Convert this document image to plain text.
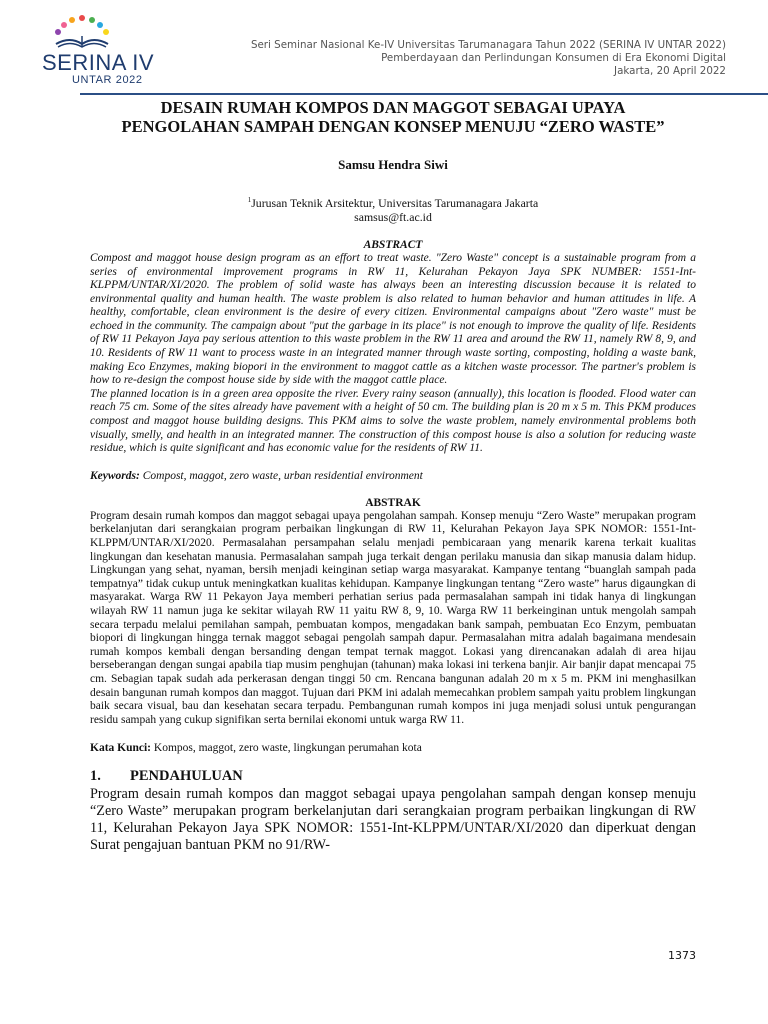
SERINA IV
UNTAR 2022
Seri Seminar Nasional Ke-IV Universitas Tarumanagara Tahun 2022 (SERINA IV UNTAR 2022)
Pemberdayaan dan Perlindungan Konsumen di Era Ekonomi Digital
Jakarta, 20 April 2022
DESAIN RUMAH KOMPOS DAN MAGGOT SEBAGAI UPAYA
PENGOLAHAN SAMPAH DENGAN KONSEP MENUJU “ZERO WASTE”
Samsu Hendra Siwi
$^1$Jurusan Teknik Arsitektur, Universitas Tarumanagara Jakarta
samsus@ft.ac.id
ABSTRACT

Compost and maggot house design program as an effort to treat waste. "Zero Waste" concept is a sustainable program from a series of environmental improvement programs in RW 11, Kelurahan Pekayon Jaya SPK NUMBER: 1551-Int-KLPPM/UNTAR/XI/2020. The problem of solid waste has always been an interesting discussion because it is related to environmental quality and human health. The waste problem is also related to human behavior and human attitudes in life. A healthy, comfortable, clean environment is the desire of every citizen. Environmental campaigns about "Zero waste" must be echoed in the community. The campaign about "put the garbage in its place" is not enough to improve the quality of life. Residents of RW 11 Pekayon Jaya pay serious attention to this waste problem in the RW 11 area and around the RW 11, namely RW 8, 9, and 10. Residents of RW 11 want to process waste in an integrated manner through waste sorting, composting, holding a waste bank, making Eco Enzymes, making biopori in the environment to maggot cattle as a kitchen waste processor. The partner's problem is how to re-design the compost house side by side with the maggot cattle place.

The planned location is in a green area opposite the river. Every rainy season (annually), this location is flooded. Flood water can reach 75 cm. Some of the sites already have pavement with a height of 50 cm. The building plan is 20 m x 5 m. This PKM produces compost and maggot house building designs. This PKM aims to solve the waste problem, namely environmental problems both visually, smelly, and health in an integrated manner. The construction of this compost house is also a solution for reducing waste residue, which is quite significant and has economic value for the residents of RW 11.

Keywords: Compost, maggot, zero waste, urban residential environment
ABSTRAK
Program desain rumah kompos dan maggot sebagai upaya pengolahan sampah. Konsep menuju “Zero Waste” merupakan program berkelanjutan dari serangkaian program perbaikan lingkungan di RW 11, Kelurahan Pekayon Jaya SPK NOMOR: 1551-Int-KLPPM/UNTAR/XI/2020. Permasalahan persampahan selalu menjadi pembicaraan yang menarik karena terkait kualitas lingkungan dan kesehatan manusia. Permasalahan sampah juga terkait dengan perilaku manusia dan sikap manusia dalam hidup. Lingkungan yang sehat, nyaman, bersih menjadi keinginan setiap warga masyarakat. Kampanye tentang “buanglah sampah pada tempatnya” tidak cukup untuk meningkatkan kualitas kehidupan. Kampanye lingkungan tentang “Zero waste” harus digaungkan di masyarakat. Warga RW 11 Pekayon Jaya memberi perhatian serius pada permasalahan sampah ini tidak hanya di lingkungan wilayah RW 11 namun juga ke sekitar wilayah RW 11 yaitu RW 8, 9, 10. Warga RW 11 berkeinginan untuk mengolah sampah secara terpadu melalui pemilahan sampah, pembuatan kompos, mengadakan bank sampah, pembuatan Eco Enzym, pembuatan biopori di lingkungan hingga ternak maggot sebagai pengolah sampah dapur. Permasalahan mitra adalah bagaimana mendesain rumah kompos kembali dengan bersanding dengan tempat ternak maggot. Lokasi yang direncanakan adalah di area hijau berseberangan dengan sungai apabila tiap musim penghujan (tahunan) maka lokasi ini terkena banjir. Air banjir dapat mencapai 75 cm. Sebagian tapak sudah ada perkerasan dengan tinggi 50 cm. Rencana bangunan adalah 20 m x 5 m. PKM ini menghasilkan desain bangunan rumah kompos dan maggot. Tujuan dari PKM ini adalah memecahkan problem sampah yaitu problem lingkungan baik secara visual, bau dan kesehatan secara terpadu. Pembangunan rumah kompos ini juga menjadi solusi untuk pengurangan residu sampah yang cukup signifikan serta bernilai ekonomi untuk warga RW 11.
Kata Kunci: Kompos, maggot, zero waste, lingkungan perumahan kota
1.	PENDAHULUAN
Program desain rumah kompos dan maggot sebagai upaya pengolahan sampah dengan konsep menuju “Zero Waste” merupakan program berkelanjutan dari serangkaian program perbaikan lingkungan di RW 11, Kelurahan Pekayon Jaya SPK NOMOR: 1551-Int-KLPPM/UNTAR/XI/2020 dan diperkuat dengan Surat pengajuan bantuan PKM no 91/RW-
1373
